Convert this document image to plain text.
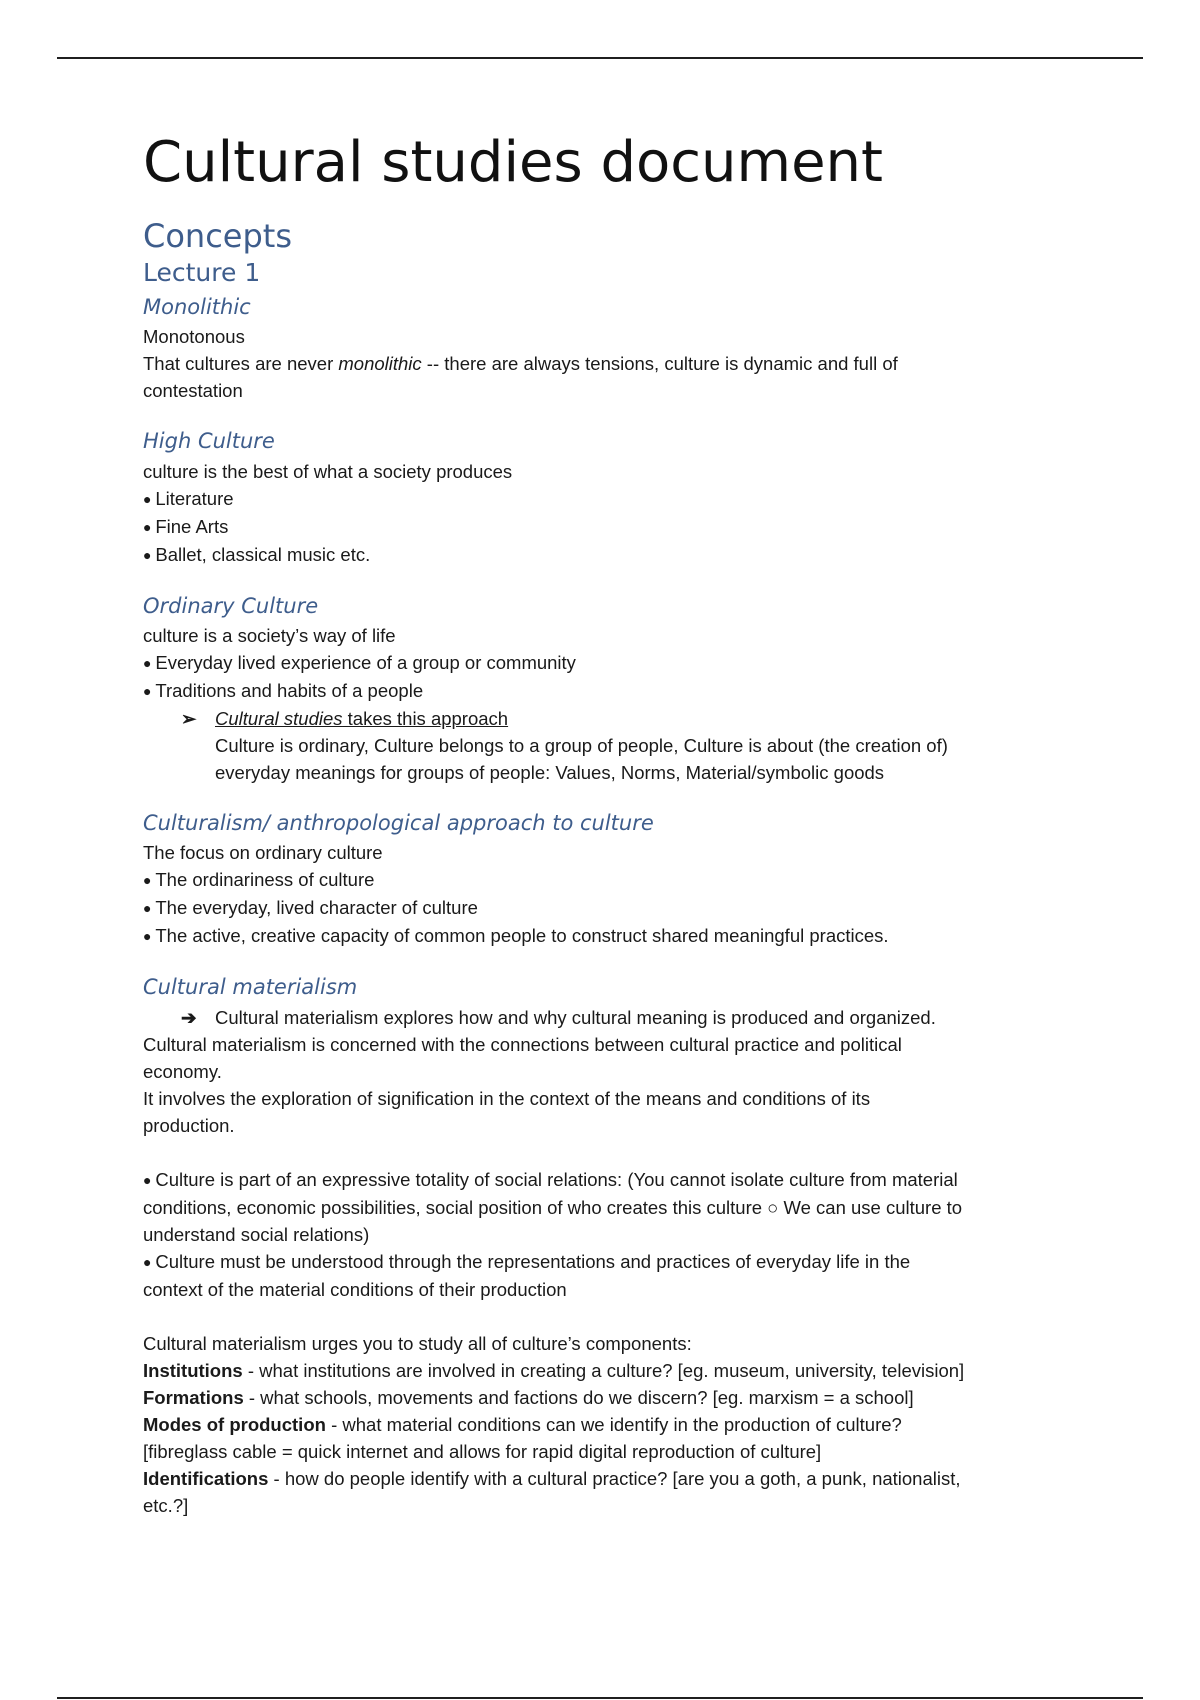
Cultural studies document
Concepts
Lecture 1
Monolithic

Monotonous

That cultures are never monolithic -- there are always tensions, culture is dynamic and full of

contestation

High Culture

culture is the best of what a society produces

● Literature

● Fine Arts

● Ballet, classical music etc.

Ordinary Culture

culture is a society’s way of life

● Everyday lived experience of a group or community

● Traditions and habits of a people

➢ Cultural studies takes this approach

Culture is ordinary, Culture belongs to a group of people, Culture is about (the creation of)

everyday meanings for groups of people: Values, Norms, Material/symbolic goods

Culturalism/ anthropological approach to culture

The focus on ordinary culture

● The ordinariness of culture

● The everyday, lived character of culture

● The active, creative capacity of common people to construct shared meaningful practices.

Cultural materialism

➔ Cultural materialism explores how and why cultural meaning is produced and organized.

Cultural materialism is concerned with the connections between cultural practice and political

economy.

It involves the exploration of signification in the context of the means and conditions of its

production.

● Culture is part of an expressive totality of social relations: (You cannot isolate culture from material

conditions, economic possibilities, social position of who creates this culture ○ We can use culture to

understand social relations)

● Culture must be understood through the representations and practices of everyday life in the

context of the material conditions of their production

Cultural materialism urges you to study all of culture’s components:

Institutions - what institutions are involved in creating a culture? [eg. museum, university, television]

Formations - what schools, movements and factions do we discern? [eg. marxism = a school]

Modes of production - what material conditions can we identify in the production of culture?

[fibreglass cable = quick internet and allows for rapid digital reproduction of culture]

Identifications - how do people identify with a cultural practice? [are you a goth, a punk, nationalist,

etc.?]
